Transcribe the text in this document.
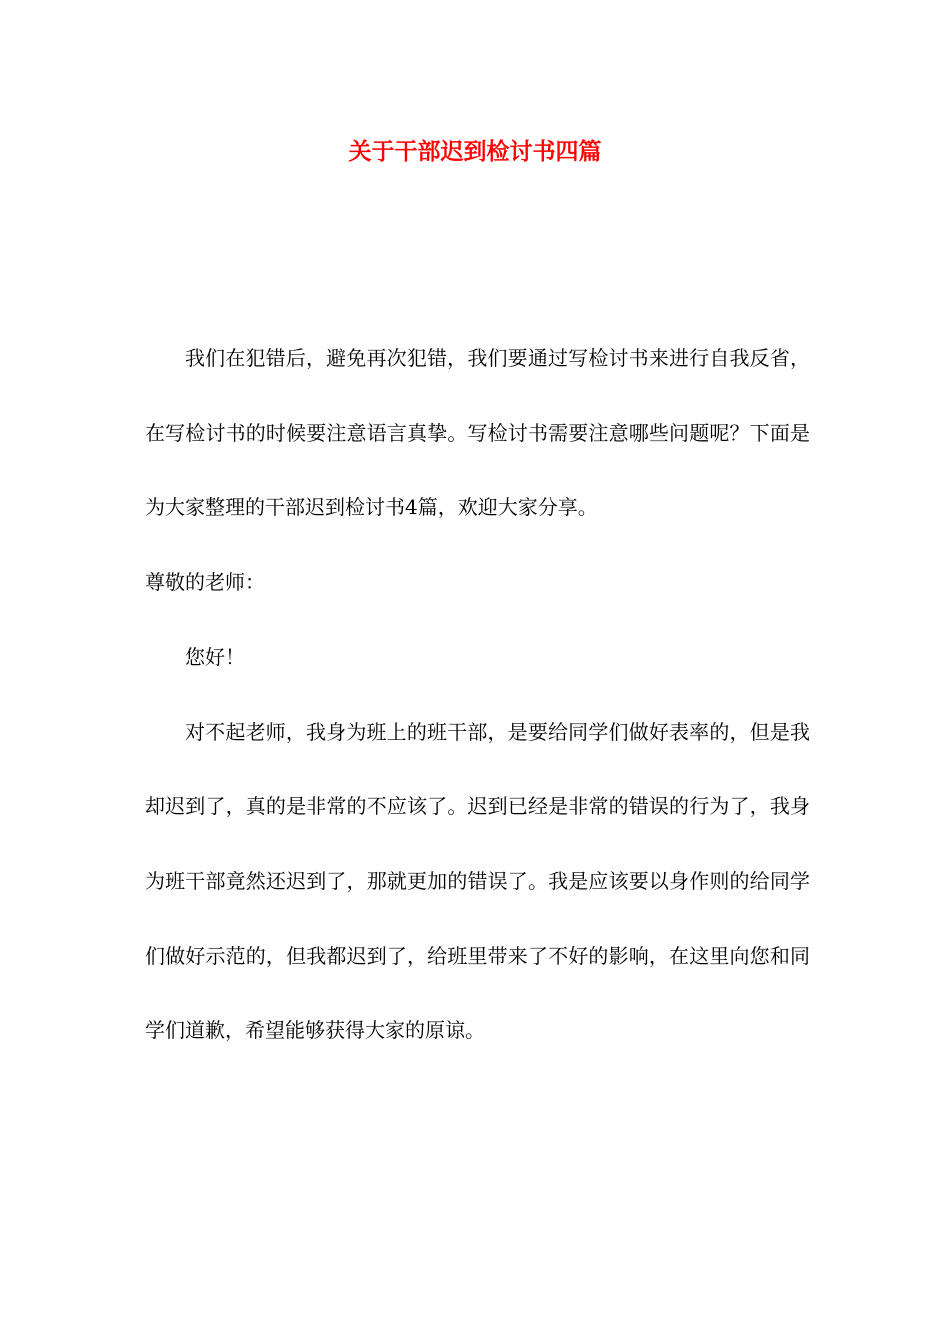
关于干部迟到检讨书四篇

我们在犯错后，避免再次犯错，我们要通过写检讨书来进行自我反省，在写检讨书的时候要注意语言真挚。写检讨书需要注意哪些问题呢？下面是为大家整理的干部迟到检讨书4篇，欢迎大家分享。

尊敬的老师：

您好！

对不起老师，我身为班上的班干部，是要给同学们做好表率的，但是我却迟到了，真的是非常的不应该了。迟到已经是非常的错误的行为了，我身为班干部竟然还迟到了，那就更加的错误了。我是应该要以身作则的给同学们做好示范的，但我都迟到了，给班里带来了不好的影响，在这里向您和同学们道歉，希望能够获得大家的原谅。
